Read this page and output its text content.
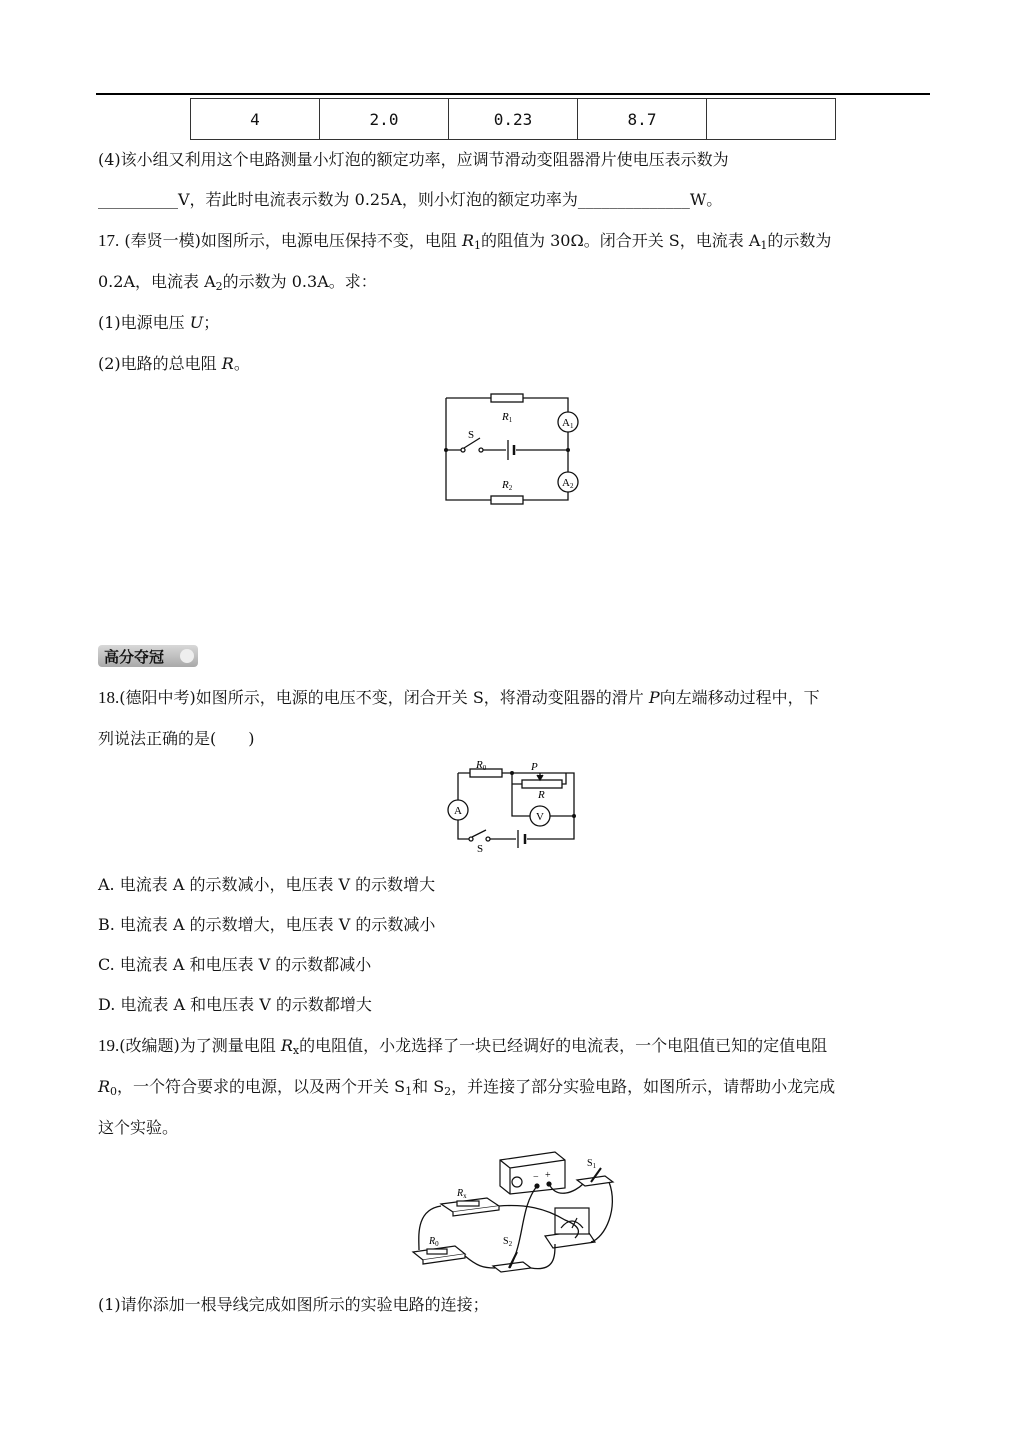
4	2.0	0.23	8.7	
(4)该小组又利用这个电路测量小灯泡的额定功率，应调节滑动变阻器滑片使电压表示数为
__________V，若此时电流表示数为 0.25A，则小灯泡的额定功率为______________W。
17. (奉贤一模)如图所示，电源电压保持不变，电阻 $R_1$的阻值为 30Ω。闭合开关 S，电流表 $A_1$的示数为
0.2A，电流表 $A_2$的示数为 0.3A。求：
(1)电源电压 U；
(2)电路的总电阻 R。
R1
R2
A1
A2
S
高分夺冠
18.(德阳中考)如图所示，电源的电压不变，闭合开关 S，将滑动变阻器的滑片 P向左端移动过程中，下
列说法正确的是(　　)
R0	P
R
V
A
S
A. 电流表 A 的示数减小，电压表 V 的示数增大
B. 电流表 A 的示数增大，电压表 V 的示数减小
C. 电流表 A 和电压表 V 的示数都减小
D. 电流表 A 和电压表 V 的示数都增大
19.(改编题)为了测量电阻 $R_x$的电阻值，小龙选择了一块已经调好的电流表，一个电阻值已知的定值电阻
$R_0$，一个符合要求的电源，以及两个开关 $S_1$和 $S_2$，并连接了部分实验电路，如图所示，请帮助小龙完成
这个实验。
$R_x$
$R_0$
$S_1$
$S_2$
− +
(1)请你添加一根导线完成如图所示的实验电路的连接；
